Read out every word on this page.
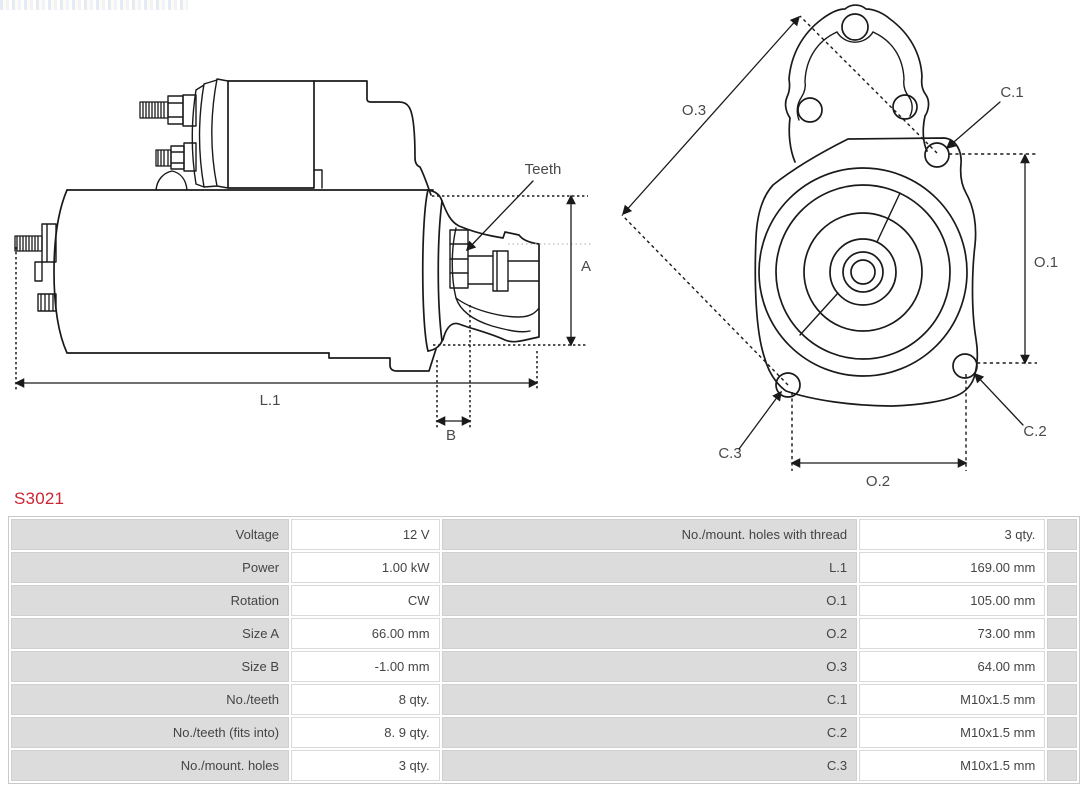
A
Teeth
L.1
B
O.3
O.1
O.2
C.1
C.2
C.3
S3021
Voltage	12 V	No./mount. holes with thread	3 qty.	
Power	1.00 kW	L.1	169.00 mm	
Rotation	CW	O.1	105.00 mm	
Size A	66.00 mm	O.2	73.00 mm	
Size B	-1.00 mm	O.3	64.00 mm	
No./teeth	8 qty.	C.1	M10x1.5 mm	
No./teeth (fits into)	8. 9 qty.	C.2	M10x1.5 mm	
No./mount. holes	3 qty.	C.3	M10x1.5 mm	
